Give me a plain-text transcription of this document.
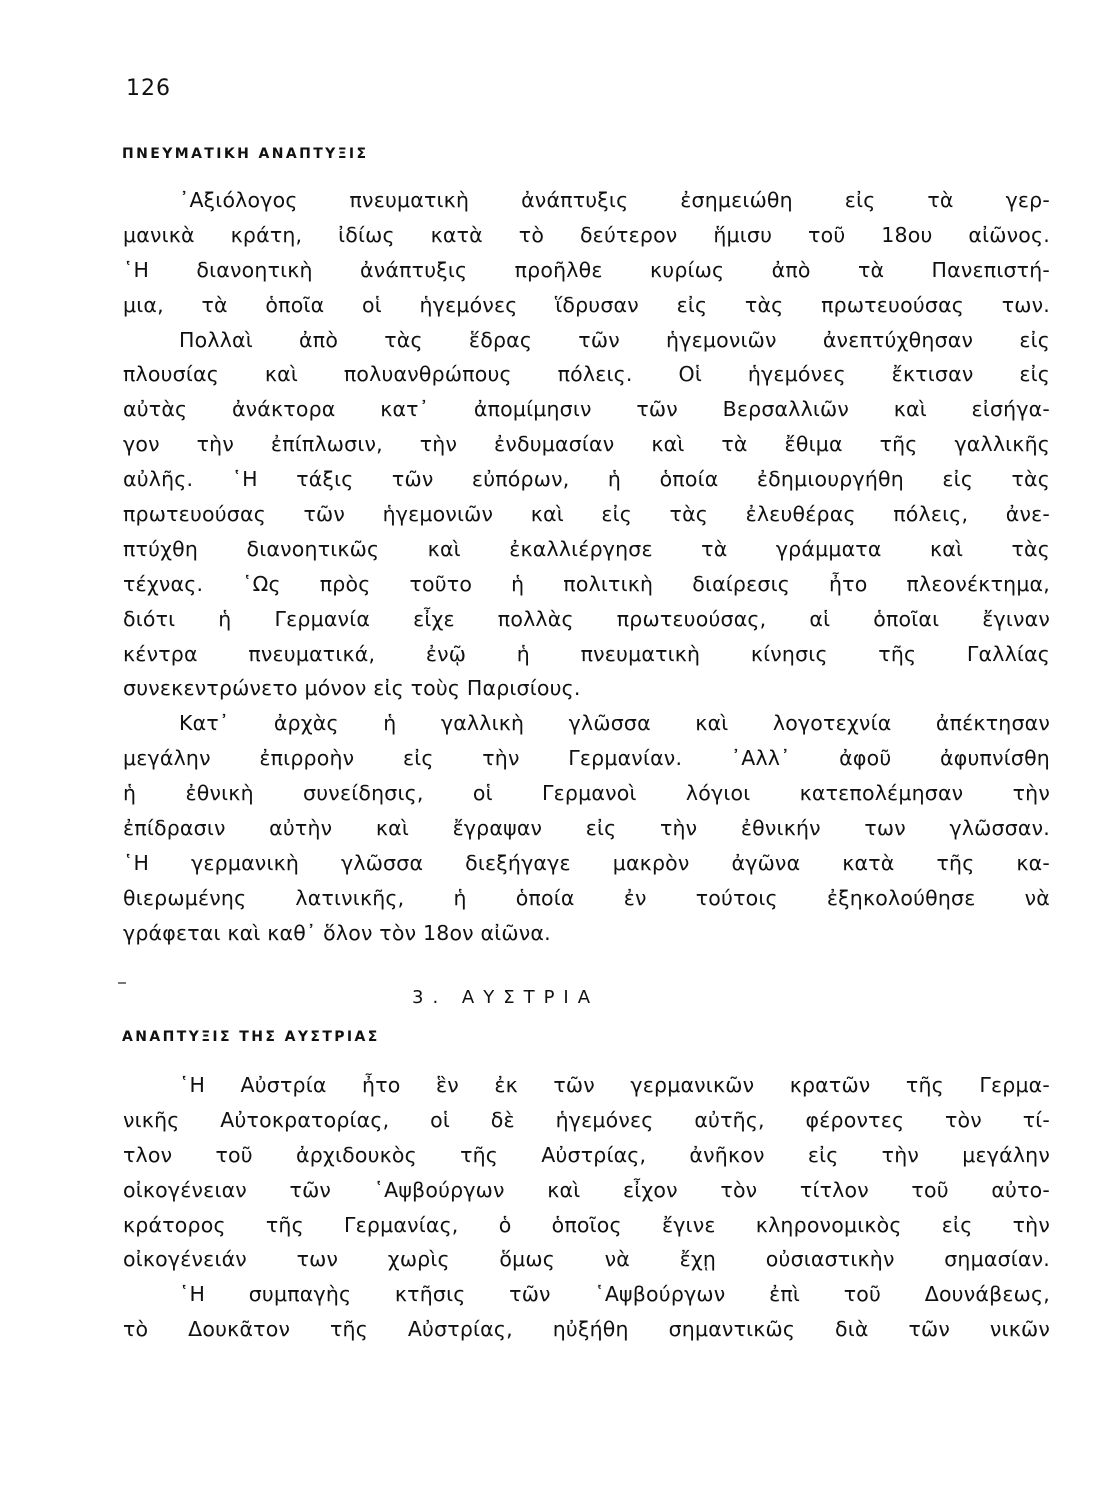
126
ΠΝΕΥΜΑΤΙΚΗ ΑΝΑΠΤΥΞΙΣ
᾿Αξιόλογος πνευματικὴ ἀνάπτυξις ἐσημειώθη εἰς τὰ γερ-
μανικὰ κράτη, ἰδίως κατὰ τὸ δεύτερον ἥμισυ τοῦ 18ου αἰῶνος.
῾Η διανοητικὴ ἀνάπτυξις προῆλθε κυρίως ἀπὸ τὰ Πανεπιστή-
μια, τὰ ὁποῖα οἱ ἡγεμόνες ἵδρυσαν εἰς τὰς πρωτευούσας των.
Πολλαὶ ἀπὸ τὰς ἕδρας τῶν ἡγεμονιῶν ἀνεπτύχθησαν εἰς
πλουσίας καὶ πολυανθρώπους πόλεις. Οἱ ἡγεμόνες ἔκτισαν εἰς
αὐτὰς ἀνάκτορα κατ᾿ ἀπομίμησιν τῶν Βερσαλλιῶν καὶ εἰσήγα-
γον τὴν ἐπίπλωσιν, τὴν ἐνδυμασίαν καὶ τὰ ἔθιμα τῆς γαλλικῆς
αὐλῆς. ῾Η τάξις τῶν εὐπόρων, ἡ ὁποία ἐδημιουργήθη εἰς τὰς
πρωτευούσας τῶν ἡγεμονιῶν καὶ εἰς τὰς ἐλευθέρας πόλεις, ἀνε-
πτύχθη διανοητικῶς καὶ ἐκαλλιέργησε τὰ γράμματα καὶ τὰς
τέχνας. ῾Ως πρὸς τοῦτο ἡ πολιτικὴ διαίρεσις ἦτο πλεονέκτημα,
διότι ἡ Γερμανία εἶχε πολλὰς πρωτευούσας, αἱ ὁποῖαι ἔγιναν
κέντρα πνευματικά, ἐνῷ ἡ πνευματικὴ κίνησις τῆς Γαλλίας
συνεκεντρώνετο μόνον εἰς τοὺς Παρισίους.
Κατ᾿ ἀρχὰς ἡ γαλλικὴ γλῶσσα καὶ λογοτεχνία ἀπέκτησαν
μεγάλην ἐπιρροὴν εἰς τὴν Γερμανίαν. ᾿Αλλ᾿ ἀφοῦ ἀφυπνίσθη
ἡ ἐθνικὴ συνείδησις, οἱ Γερμανοὶ λόγιοι κατεπολέμησαν τὴν
ἐπίδρασιν αὐτὴν καὶ ἔγραψαν εἰς τὴν ἐθνικήν των γλῶσσαν.
῾Η γερμανικὴ γλῶσσα διεξήγαγε μακρὸν ἀγῶνα κατὰ τῆς κα-
θιερωμένης λατινικῆς, ἡ ὁποία ἐν τούτοις ἐξηκολούθησε νὰ
γράφεται καὶ καθ᾿ ὅλον τὸν 18ον αἰῶνα.
3. ΑΥΣΤΡΙΑ
ΑΝΑΠΤΥΞΙΣ ΤΗΣ ΑΥΣΤΡΙΑΣ
῾Η Αὐστρία ἦτο ἓν ἐκ τῶν γερμανικῶν κρατῶν τῆς Γερμα-
νικῆς Αὐτοκρατορίας, οἱ δὲ ἡγεμόνες αὐτῆς, φέροντες τὸν τί-
τλον τοῦ ἀρχιδουκὸς τῆς Αὐστρίας, ἀνῆκον εἰς τὴν μεγάλην
οἰκογένειαν τῶν ῾Αψβούργων καὶ εἶχον τὸν τίτλον τοῦ αὐτο-
κράτορος τῆς Γερμανίας, ὁ ὁποῖος ἔγινε κληρονομικὸς εἰς τὴν
οἰκογένειάν των χωρὶς ὅμως νὰ ἔχῃ οὐσιαστικὴν σημασίαν.
῾Η συμπαγὴς κτῆσις τῶν ῾Αψβούργων ἐπὶ τοῦ Δουνάβεως,
τὸ Δουκᾶτον τῆς Αὐστρίας, ηὐξήθη σημαντικῶς διὰ τῶν νικῶν
